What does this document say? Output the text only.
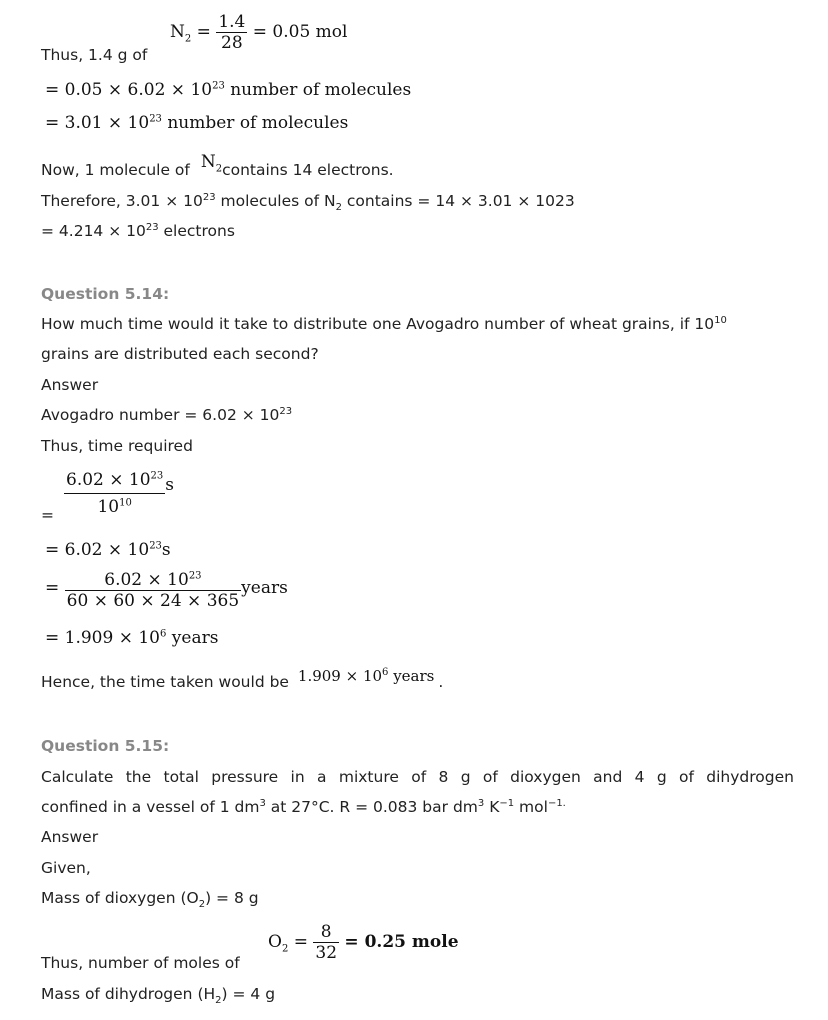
$N_2 = \frac{1.4}{28} = 0.05$ mol
Thus, 1.4 g of
= $0.05 \times 6.02 \times 10^{23}$ number of molecules
= $3.01 \times 10^{23}$ number of molecules
Now, 1 molecule of $N_2contains$ 14 electrons.
Therefore, $3.01 \times 10^{23}$ molecules of $N_2$ contains = 14 × 3.01 × 1023
= $4.214 \times 10^{23}$ electrons
Question 5.14:
How much time would it take to distribute one Avogadro number of wheat grains, if $10^{10}$
grains are distributed each second?
Answer
Avogadro number = $6.02 \times 10^{23}$
Thus, time required
= $\frac{6.02 \times 10^{23}}{10^{10}}$ s
= $6.02 \times 10^{23}s$
= $\frac{6.02 \times 10^{23}}{60 \times 60 \times 24 \times 365}$ years
= $1.909 \times 10^6$ years
Hence, the time taken would be $1.909 \times 10^6$ years .
Question 5.15:
Calculate the total pressure in a mixture of 8 g of dioxygen and 4 g of dihydrogen
confined in a vessel of 1 $dm^3$ at 27°C. R = 0.083 bar $dm^3$ $K^{-1}$ mol$^{-1.}$
Answer
Given,
Mass of dioxygen $(O_2) = 8$ g
$O_2 = \frac{8}{32} = 0.25$ mole
Thus, number of moles of
Mass of dihydrogen $(H_2) = 4$ g
